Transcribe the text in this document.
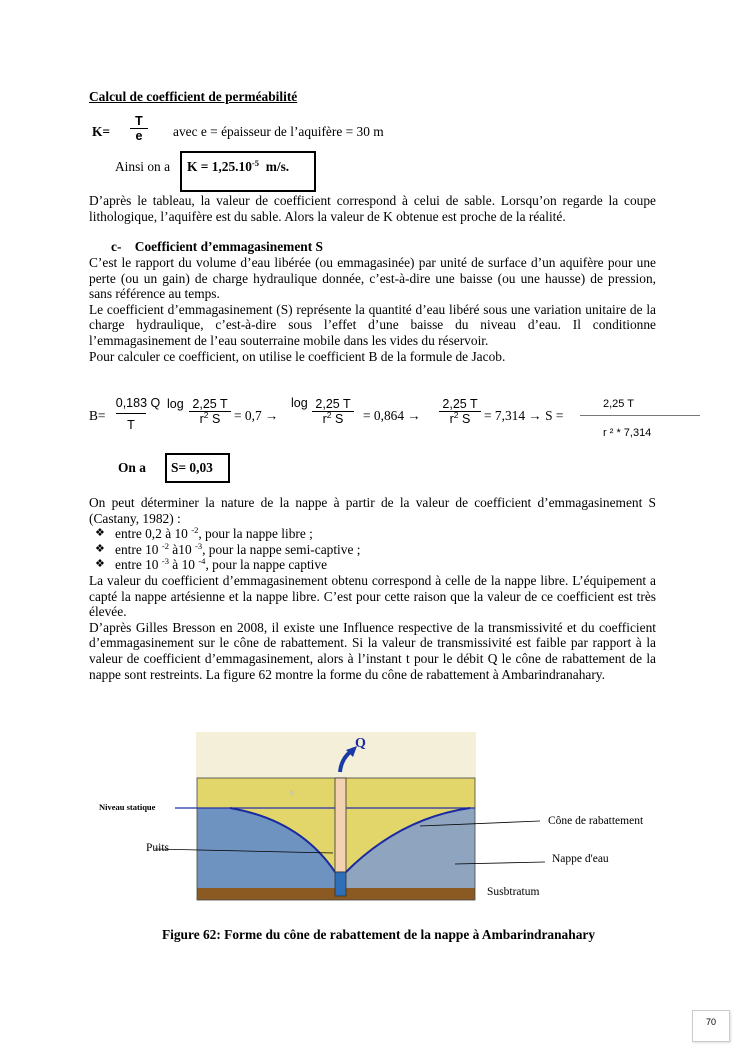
Calcul de coefficient de perméabilité
$K= \frac{T}{e}$ avec e = épaisseur de l’aquifère = 30 m
Ainsi on a $K = 1,25.10^{-5}$ m/s.
D’après le tableau, la valeur de coefficient correspond à celui de sable. Lorsqu’on regarde la coupe lithologique, l’aquifère est du sable. Alors la valeur de K obtenue est proche de la réalité.
c- Coefficient d’emmagasinement S
C’est le rapport du volume d’eau libérée (ou emmagasinée) par unité de surface d’un aquifère pour une perte (ou un gain) de charge hydraulique donnée, c’est-à-dire une baisse (ou une hausse) de pression, sans référence au temps.
Le coefficient d’emmagasinement (S) représente la quantité d’eau libéré sous une variation unitaire de la charge hydraulique, c’est-à-dire sous l’effet d’une baisse du niveau d’eau. Il conditionne l’emmagasinement de l’eau souterraine mobile dans les vides du réservoir.
Pour calculer ce coefficient, on utilise le coefficient B de la formule de Jacob.
B=
0,183 Q
T
$\log \frac{2,25 T}{r^2 S} = 0,7$ →
$\log \frac{2,25 T}{r^2 S} = 0,864 \to \frac{2,25 T}{r^2 S} = 7,314 \to S$ =
2,25 T
r ² * 7,314
On a S= 0,03
On peut déterminer la nature de la nappe à partir de la valeur de coefficient d’emmagasinement S (Castany, 1982) :
❖ entre 0,2 à 10 $^{-2}$, pour la nappe libre ;
❖ entre 10 $^{-2}$ à10 $^{-3}$, pour la nappe semi-captive ;
❖ entre 10 $^{-3}$ à 10 $^{-4}$, pour la nappe captive
La valeur du coefficient d’emmagasinement obtenu correspond à celle de la nappe libre. L’équipement a capté la nappe artésienne et la nappe libre. C’est pour cette raison que la valeur de ce coefficient est très élevée.
D’après Gilles Bresson en 2008, il existe une Influence respective de la transmissivité et du coefficient d’emmagasinement sur le cône de rabattement. Si la valeur de transmissivité est faible par rapport à la valeur de coefficient d’emmagasinement, alors à l’instant t pour le débit Q le cône de rabattement de la nappe sont restreints. La figure 62 montre la forme du cône de rabattement à Ambarindranahary.
Q
h
Niveau statique
Puits
Cône de rabattement
Nappe d'eau
Susbtratum
Figure 62: Forme du cône de rabattement de la nappe à Ambarindranahary
70
